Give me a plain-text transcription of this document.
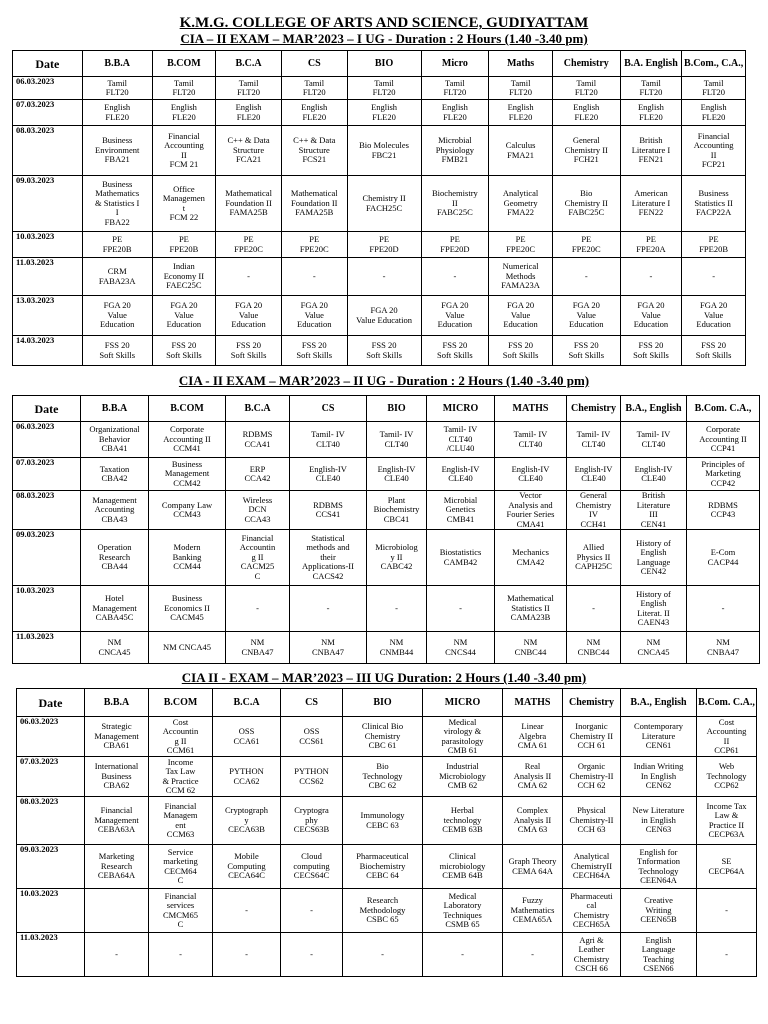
K.M.G. COLLEGE OF ARTS AND SCIENCE, GUDIYATTAM
CIA – II EXAM – MAR’2023 – I UG - Duration : 2 Hours (1.40 -3.40 pm)
Date	B.B.A	B.COM	B.C.A	CS	BIO	Micro	Maths	Chemistry	B.A. English	B.Com., C.A.,
06.03.2023	Tamil
FLT20	Tamil
FLT20	Tamil
FLT20	Tamil
FLT20	Tamil
FLT20	Tamil
FLT20	Tamil
FLT20	Tamil
FLT20	Tamil
FLT20	Tamil
FLT20
07.03.2023	English
FLE20	English
FLE20	English
FLE20	English
FLE20	English
FLE20	English
FLE20	English
FLE20	English
FLE20	English
FLE20	English
FLE20
08.03.2023	Business
Environment
FBA21	Financial
Accounting
II
FCM 21	C++ & Data
Structure
FCA21	C++ & Data
Structure
FCS21	Bio Molecules
FBC21	Microbial
Physiology
FMB21	Calculus
FMA21	General
Chemistry II
FCH21	British
Literature I
FEN21	Financial
Accounting
II
FCP21
09.03.2023	Business
Mathematics
& Statistics I
I
FBA22	Office
Managemen
t
FCM 22	Mathematical
Foundation II
FAMA25B	Mathematical
Foundation II
FAMA25B	Chemistry II
FACH25C	Biochemistry
II
FABC25C	Analytical
Geometry
FMA22	Bio
Chemistry II
FABC25C	American
Literature I
FEN22	Business
Statistics II
FACP22A
10.03.2023	PE
FPE20B	PE
FPE20B	PE
FPE20C	PE
FPE20C	PE
FPE20D	PE
FPE20D	PE
FPE20C	PE
FPE20C	PE
FPE20A	PE
FPE20B
11.03.2023	CRM
FABA23A	Indian
Economy II
FAEC25C	-	-	-	-	Numerical
Methods
FAMA23A	-	-	-
13.03.2023	FGA 20
Value
Education	FGA 20
Value
Education	FGA 20
Value
Education	FGA 20
Value
Education	FGA 20
Value Education	FGA 20
Value
Education	FGA 20
Value
Education	FGA 20
Value
Education	FGA 20
Value
Education	FGA 20
Value
Education
14.03.2023	FSS 20
Soft Skills	FSS 20
Soft Skills	FSS 20
Soft Skills	FSS 20
Soft Skills	FSS 20
Soft Skills	FSS 20
Soft Skills	FSS 20
Soft Skills	FSS 20
Soft Skills	FSS 20
Soft Skills	FSS 20
Soft Skills
CIA - II EXAM – MAR’2023 – II UG - Duration : 2 Hours (1.40 -3.40 pm)
Date	B.B.A	B.COM	B.C.A	CS	BIO	MICRO	MATHS	Chemistry	B.A., English	B.Com. C.A.,
06.03.2023	Organizational
Behavior
CBA41	Corporate
Accounting II
CCM41	RDBMS
CCA41	Tamil- IV
CLT40	Tamil- IV
CLT40	Tamil- IV
CLT40
/CLU40	Tamil- IV
CLT40	Tamil- IV
CLT40	Tamil- IV
CLT40	Corporate
Accounting II
CCP41
07.03.2023	Taxation
CBA42	Business
Management
CCM42	ERP
CCA42	English-IV
CLE40	English-IV
CLE40	English-IV
CLE40	English-IV
CLE40	English-IV
CLE40	English-IV
CLE40	Principles of
Marketing
CCP42
08.03.2023	Management
Accounting
CBA43	Company Law
CCM43	Wireless
DCN
CCA43	RDBMS
CCS41	Plant
Biochemistry
CBC41	Microbial
Genetics
CMB41	Vector
Analysis and
Fourier Series
CMA41	General
Chemistry
IV
CCH41	British
Literature
III
CEN41	RDBMS
CCP43
09.03.2023	Operation
Research
CBA44	Modern
Banking
CCM44	Financial
Accountin
g II
CACM25
C	Statistical
methods and
their
Applications-II
CACS42	Microbiolog
y II
CABC42	Biostatistics
CAMB42	Mechanics
CMA42	Allied
Physics II
CAPH25C	History of
English
Language
CEN42	E-Com
CACP44
10.03.2023	Hotel
Management
CABA45C	Business
Economics II
CACM45	-	-	-	-	Mathematical
Statistics II
CAMA23B	-	History of
English
Literat. II
CAEN43	-
11.03.2023	NM
CNCA45	NM CNCA45	NM
CNBA47	NM
CNBA47	NM
CNMB44	NM
CNCS44	NM
CNBC44	NM
CNBC44	NM
CNCA45	NM
CNBA47
CIA II - EXAM – MAR’2023 – III UG Duration: 2 Hours (1.40 -3.40 pm)
Date	B.B.A	B.COM	B.C.A	CS	BIO	MICRO	MATHS	Chemistry	B.A., English	B.Com. C.A.,
06.03.2023	Strategic
Management
CBA61	Cost
Accountin
g II
CCM61	OSS
CCA61	OSS
CCS61	Clinical Bio
Chemistry
CBC 61	Medical
virology &
parasitology
CMB 61	Linear
Algebra
CMA 61	Inorganic
Chemistry II
CCH 61	Contemporary
Literature
CEN61	Cost
Accounting
II
CCP61
07.03.2023	International
Business
CBA62	Income
Tax Law
& Practice
CCM 62	PYTHON
CCA62	PYTHON
CCS62	Bio
Technology
CBC 62	Industrial
Microbiology
CMB 62	Real
Analysis II
CMA 62	Organic
Chemistry-II
CCH 62	Indian Writing
In English
CEN62	Web
Technology
CCP62
08.03.2023	Financial
Management
CEBA63A	Financial
Managem
ent
CCM63	Cryptograph
y
CECA63B	Cryptogra
phy
CECS63B	Immunology
CEBC 63	Herbal
technology
CEMB 63B	Complex
Analysis II
CMA 63	Physical
Chemistry-II
CCH 63	New Literature
in English
CEN63	Income Tax
Law &
Practice II
CECP63A
09.03.2023	Marketing
Research
CEBA64A	Service
marketing
CECM64
C	Mobile
Computing
CECA64C	Cloud
computing
CECS64C	Pharmaceutical
Biochemistry
CEBC 64	Clinical
microbiology
CEMB 64B	Graph Theory
CEMA 64A	Analytical
ChemistryII
CECH64A	English for
Tnformation
Technology
CEEN64A	SE
CECP64A
10.03.2023		Financial
services
CMCM65
C	-	-	Research
Methodology
CSBC 65	Medical
Laboratory
Techniques
CSMB 65	Fuzzy
Mathematics
CEMA65A	Pharmaceuti
cal
Chemistry
CECH65A	Creative
Writing
CEEN65B	-
11.03.2023	-	-	-	-	-	-	-	Agri &
Leather
Chemistry
CSCH 66	English
Language
Teaching
CSEN66	-
